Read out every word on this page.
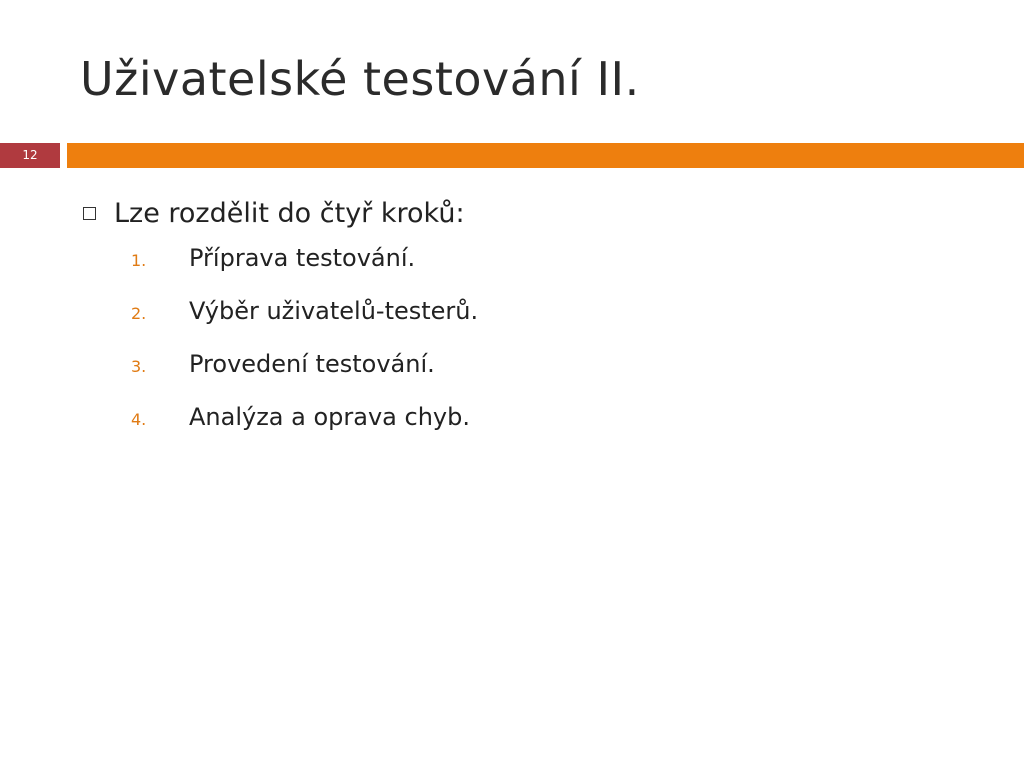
Uživatelské testování II.
12
Lze rozdělit do čtyř kroků:
1.	Příprava testování.
2.	Výběr uživatelů-testerů.
3.	Provedení testování.
4.	Analýza a oprava chyb.
